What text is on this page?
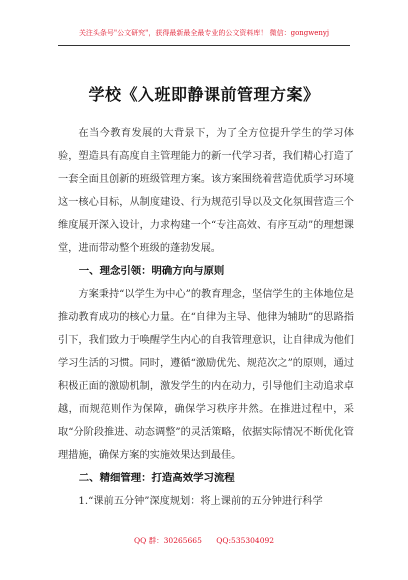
关注头条号"公文研究"，获得最新最全最专业的公文资料库！ 微信：gongwenyj
学校《入班即静课前管理方案》

在当今教育发展的大背景下，为了全方位提升学生的学习体验，塑造具有高度自主管理能力的新一代学习者，我们精心打造了一套全面且创新的班级管理方案。该方案围绕着营造优质学习环境这一核心目标，从制度建设、行为规范引导以及文化氛围营造三个维度展开深入设计，力求构建一个“专注高效、有序互动”的理想课堂，进而带动整个班级的蓬勃发展。

一、理念引领：明确方向与原则

方案秉持“以学生为中心”的教育理念，坚信学生的主体地位是推动教育成功的核心力量。在“自律为主导、他律为辅助”的思路指引下，我们致力于唤醒学生内心的自我管理意识，让自律成为他们学习生活的习惯。同时，遵循“激励优先、规范次之”的原则，通过积极正面的激励机制，激发学生的内在动力，引导他们主动追求卓越，而规范则作为保障，确保学习秩序井然。在推进过程中，采取“分阶段推进、动态调整”的灵活策略，依据实际情况不断优化管理措施，确保方案的实施效果达到最佳。

二、精细管理：打造高效学习流程

1.“课前五分钟”深度规划：将上课前的五分钟进行科学

QQ 群：30265665 QQ:535304092
